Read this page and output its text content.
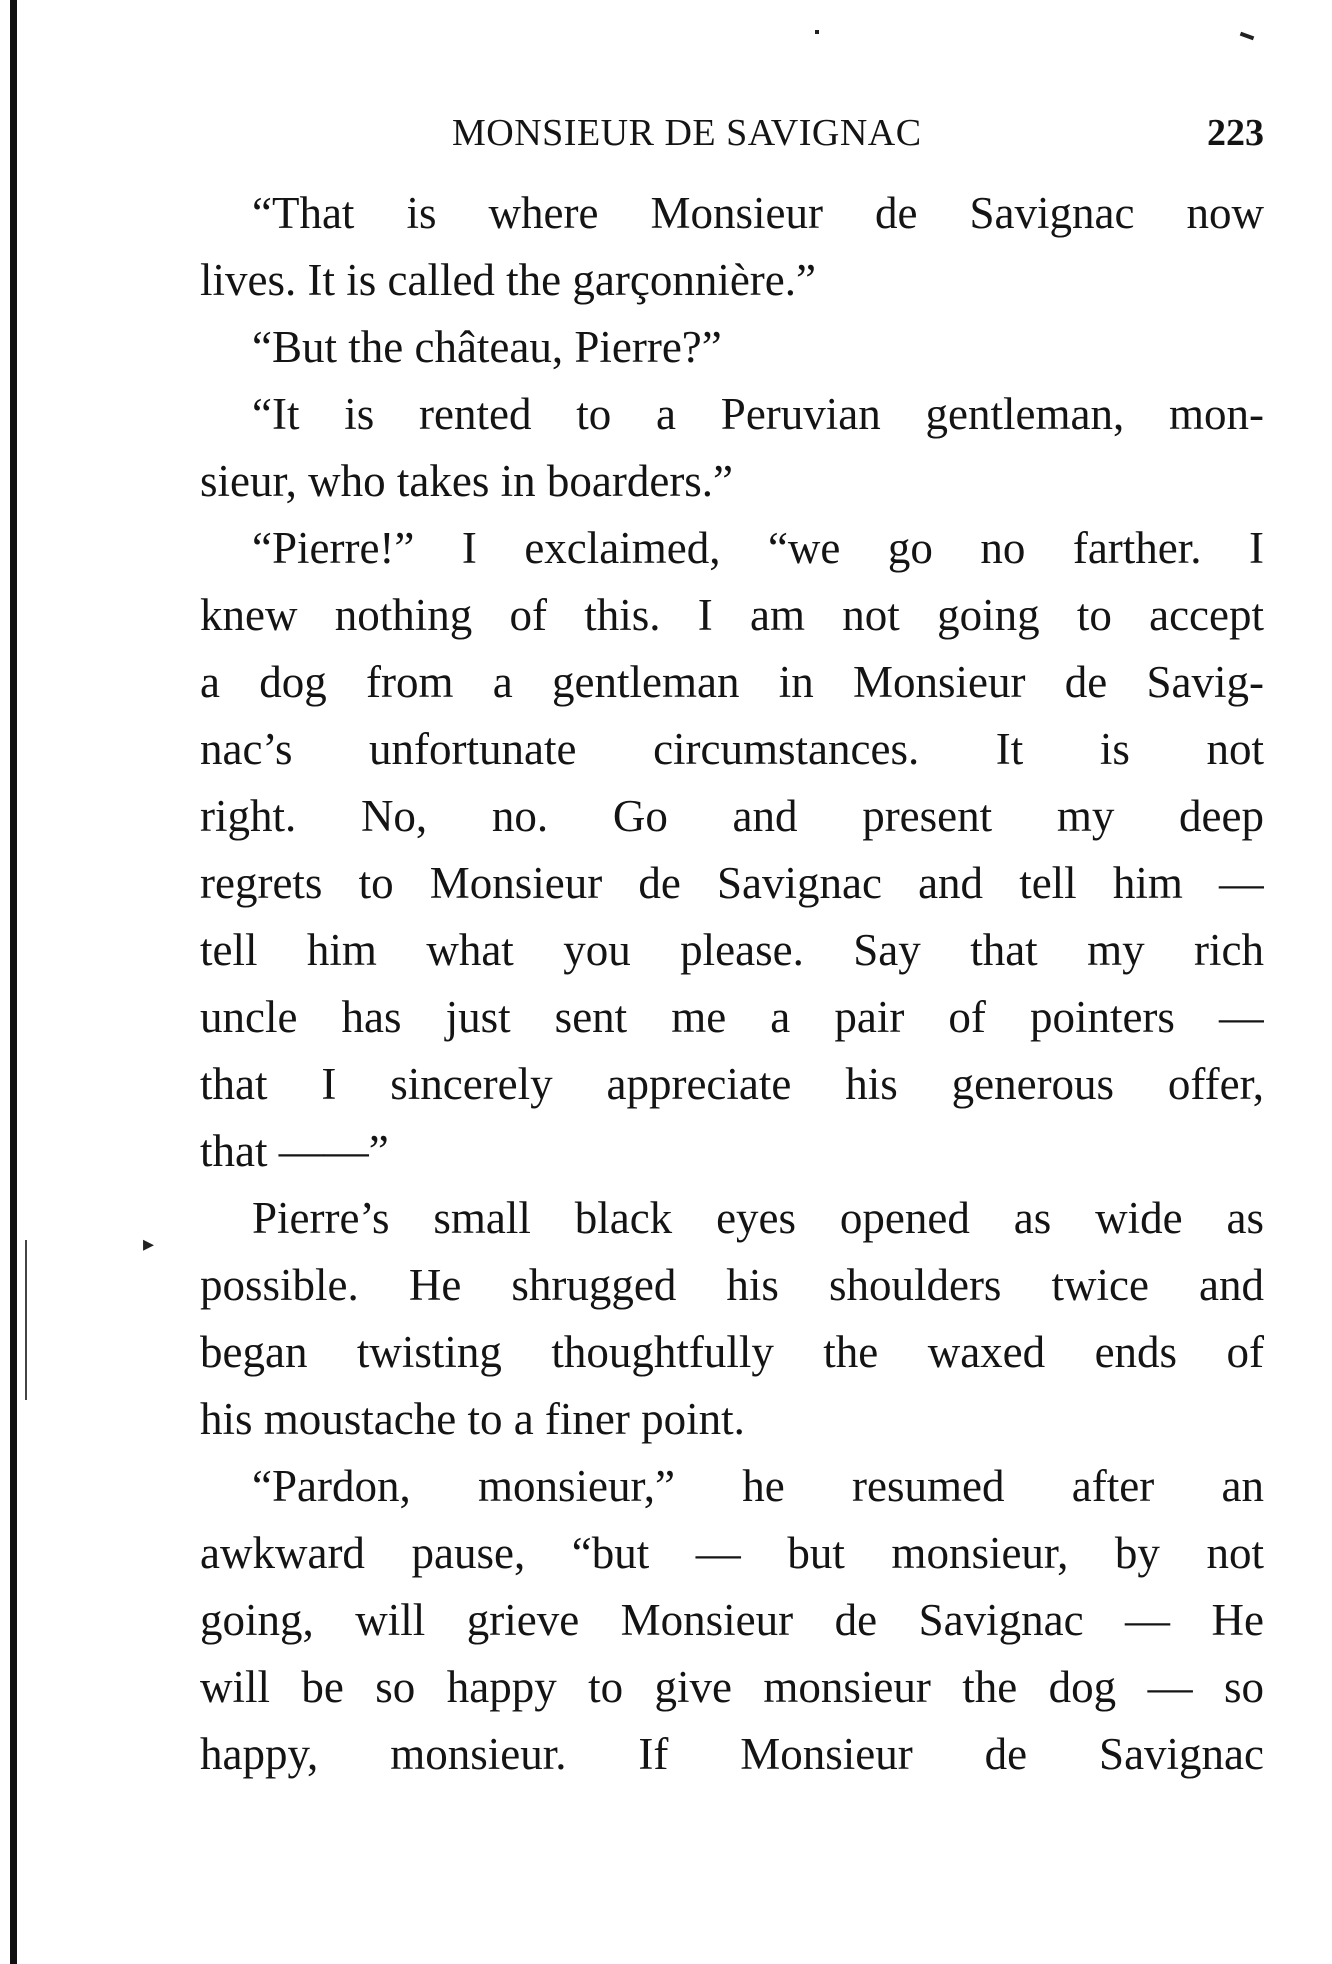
MONSIEUR DE SAVIGNAC	223
▸
“That is where Monsieur de Savignac now
lives. It is called the garçonnière.”
“But the château, Pierre?”
“It is rented to a Peruvian gentleman, mon-
sieur, who takes in boarders.”
“Pierre!” I exclaimed, “we go no farther. I
knew nothing of this. I am not going to accept
a dog from a gentleman in Monsieur de Savig-
nac’s unfortunate circumstances. It is not
right. No, no. Go and present my deep
regrets to Monsieur de Savignac and tell him —
tell him what you please. Say that my rich
uncle has just sent me a pair of pointers —
that I sincerely appreciate his generous offer,
that ——”
Pierre’s small black eyes opened as wide as
possible. He shrugged his shoulders twice and
began twisting thoughtfully the waxed ends of
his moustache to a finer point.
“Pardon, monsieur,” he resumed after an
awkward pause, “but — but monsieur, by not
going, will grieve Monsieur de Savignac — He
will be so happy to give monsieur the dog — so
happy, monsieur. If Monsieur de Savignac
